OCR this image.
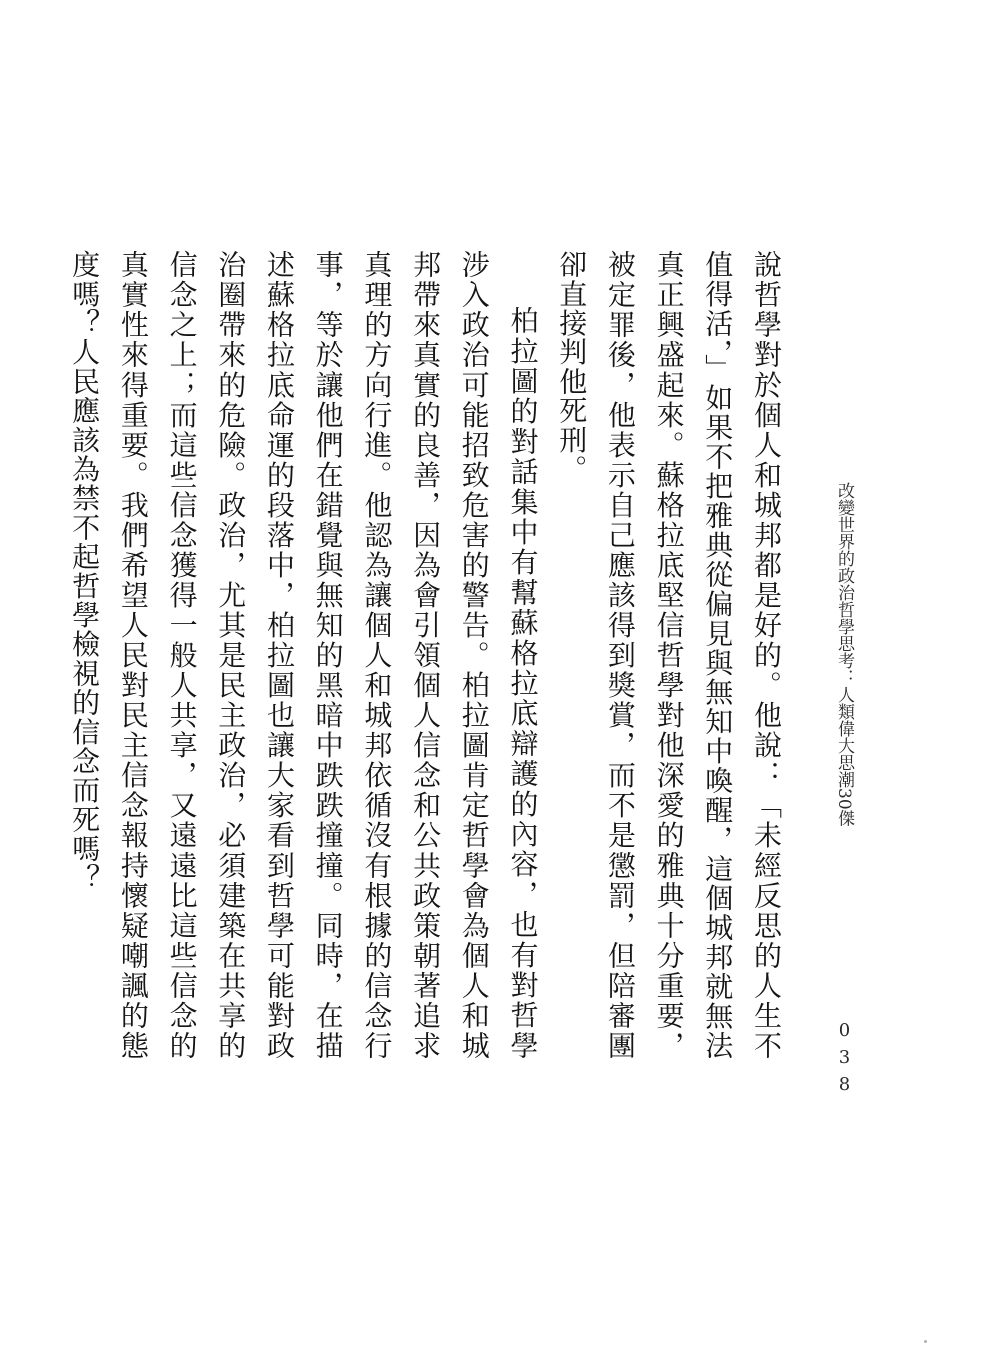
改變世界的政治哲學思考：人類偉大思潮30傑
038

說哲學對於個人和城邦都是好的。他說：「未經反思的人生不值得活，」如果不把雅典從偏見與無知中喚醒，這個城邦就無法真正興盛起來。蘇格拉底堅信哲學對他深愛的雅典十分重要，被定罪後，他表示自己應該得到獎賞，而不是懲罰，但陪審團卻直接判他死刑。

柏拉圖的對話集中有幫蘇格拉底辯護的內容，也有對哲學涉入政治可能招致危害的警告。柏拉圖肯定哲學會為個人和城邦帶來真實的良善，因為會引領個人信念和公共政策朝著追求真理的方向行進。他認為讓個人和城邦依循沒有根據的信念行事，等於讓他們在錯覺與無知的黑暗中跌跌撞撞。同時，在描述蘇格拉底命運的段落中，柏拉圖也讓大家看到哲學可能對政治圈帶來的危險。政治，尤其是民主政治，必須建築在共享的信念之上；而這些信念獲得一般人共享，又遠遠比這些信念的真實性來得重要。我們希望人民對民主信念報持懷疑嘲諷的態度嗎？人民應該為禁不起哲學檢視的信念而死嗎？
